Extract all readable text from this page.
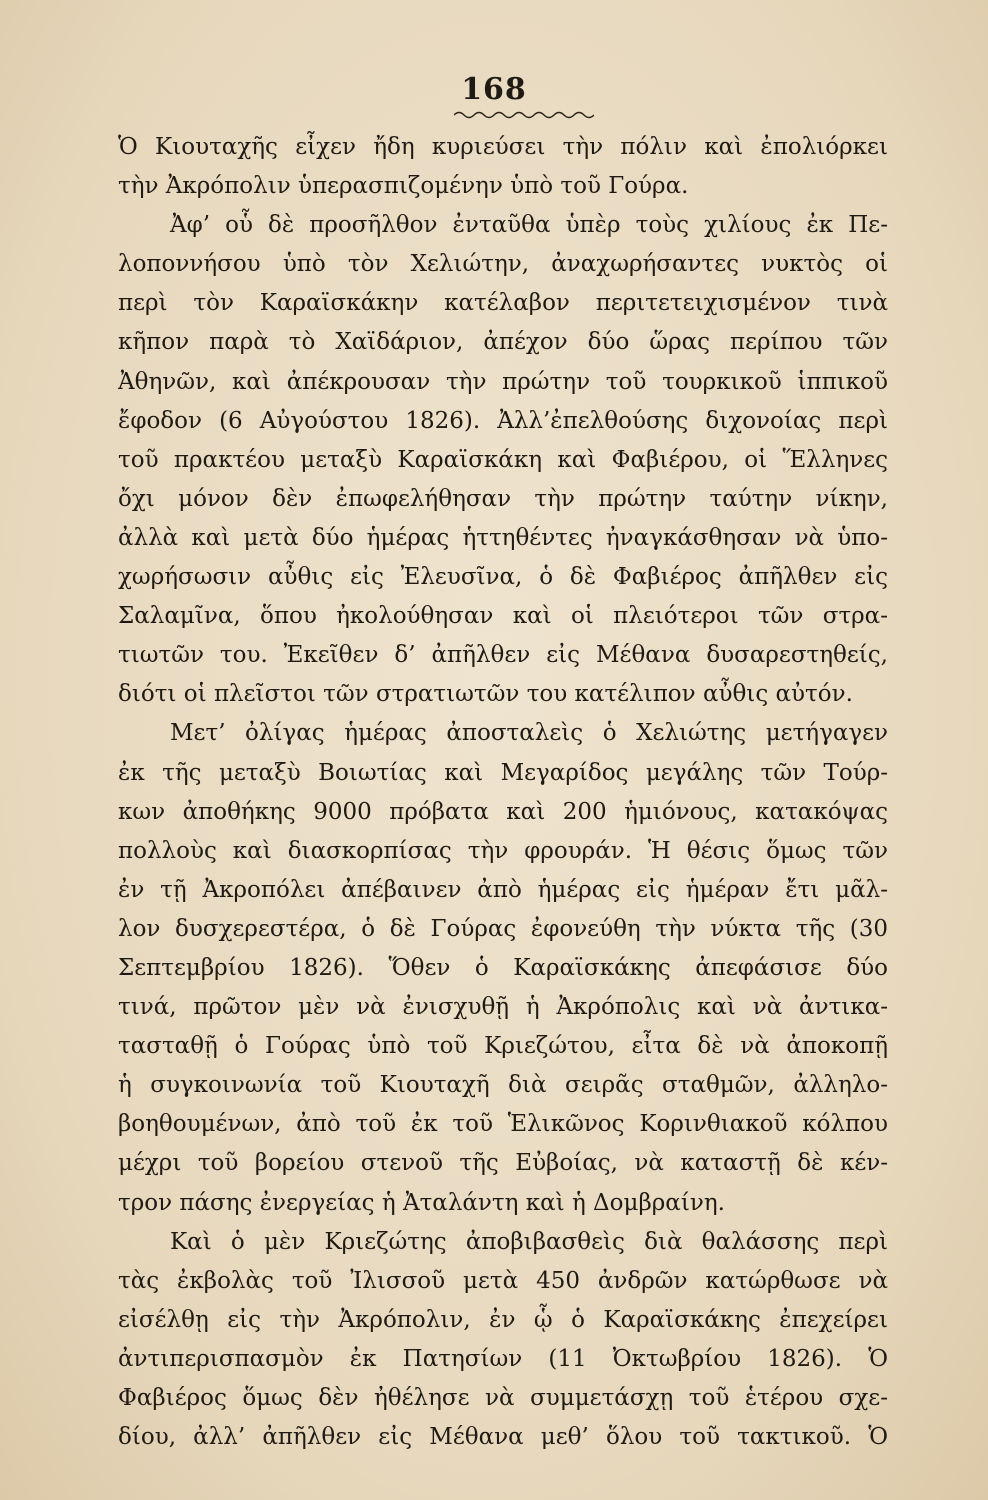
168
Ὁ Κιουταχῆς εἶχεν ἤδη κυριεύσει τὴν πόλιν καὶ ἐπολιόρκει
τὴν Ἀκρόπολιν ὑπερασπιζομένην ὑπὸ τοῦ Γούρα.
Ἀφ’ οὗ δὲ προσῆλθον ἐνταῦθα ὑπὲρ τοὺς χιλίους ἐκ Πε-
λοποννήσου ὑπὸ τὸν Χελιώτην, ἀναχωρήσαντες νυκτὸς οἱ
περὶ τὸν Καραϊσκάκην κατέλαβον περιτετειχισμένον τινὰ
κῆπον παρὰ τὸ Χαϊδάριον, ἀπέχον δύο ὥρας περίπου τῶν
Ἀθηνῶν, καὶ ἀπέκρουσαν τὴν πρώτην τοῦ τουρκικοῦ ἱππικοῦ
ἔφοδον (6 Αὐγούστου 1826). Ἀλλ’ἐπελθούσης διχονοίας περὶ
τοῦ πρακτέου μεταξὺ Καραϊσκάκη καὶ Φαβιέρου, οἱ Ἕλληνες
ὄχι μόνον δὲν ἐπωφελήθησαν τὴν πρώτην ταύτην νίκην,
ἀλλὰ καὶ μετὰ δύο ἡμέρας ἡττηθέντες ἠναγκάσθησαν νὰ ὑπο-
χωρήσωσιν αὖθις εἰς Ἐλευσῖνα, ὁ δὲ Φαβιέρος ἀπῆλθεν εἰς
Σαλαμῖνα, ὅπου ἠκολούθησαν καὶ οἱ πλειότεροι τῶν στρα-
τιωτῶν του. Ἐκεῖθεν δ’ ἀπῆλθεν εἰς Μέθανα δυσαρεστηθείς,
διότι οἱ πλεῖστοι τῶν στρατιωτῶν του κατέλιπον αὖθις αὐτόν.
Μετ’ ὀλίγας ἡμέρας ἀποσταλεὶς ὁ Χελιώτης μετήγαγεν
ἐκ τῆς μεταξὺ Βοιωτίας καὶ Μεγαρίδος μεγάλης τῶν Τούρ-
κων ἀποθήκης 9000 πρόβατα καὶ 200 ἡμιόνους, κατακόψας
πολλοὺς καὶ διασκορπίσας τὴν φρουράν. Ἡ θέσις ὅμως τῶν
ἐν τῇ Ἀκροπόλει ἀπέβαινεν ἀπὸ ἡμέρας εἰς ἡμέραν ἔτι μᾶλ-
λον δυσχερεστέρα, ὁ δὲ Γούρας ἐφονεύθη τὴν νύκτα τῆς (30
Σεπτεμβρίου 1826). Ὅθεν ὁ Καραϊσκάκης ἀπεφάσισε δύο
τινά, πρῶτον μὲν νὰ ἐνισχυθῇ ἡ Ἀκρόπολις καὶ νὰ ἀντικα-
τασταθῇ ὁ Γούρας ὑπὸ τοῦ Κριεζώτου, εἶτα δὲ νὰ ἀποκοπῇ
ἡ συγκοινωνία τοῦ Κιουταχῆ διὰ σειρᾶς σταθμῶν, ἀλληλο-
βοηθουμένων, ἀπὸ τοῦ ἐκ τοῦ Ἑλικῶνος Κορινθιακοῦ κόλπου
μέχρι τοῦ βορείου στενοῦ τῆς Εὐβοίας, νὰ καταστῇ δὲ κέν-
τρον πάσης ἐνεργείας ἡ Ἀταλάντη καὶ ἡ Δομβραίνη.
Καὶ ὁ μὲν Κριεζώτης ἀποβιβασθεὶς διὰ θαλάσσης περὶ
τὰς ἐκβολὰς τοῦ Ἰλισσοῦ μετὰ 450 ἀνδρῶν κατώρθωσε νὰ
εἰσέλθῃ εἰς τὴν Ἀκρόπολιν, ἐν ᾧ ὁ Καραϊσκάκης ἐπεχείρει
ἀντιπερισπασμὸν ἐκ Πατησίων (11 Ὀκτωβρίου 1826). Ὁ
Φαβιέρος ὅμως δὲν ἠθέλησε νὰ συμμετάσχῃ τοῦ ἑτέρου σχε-
δίου, ἀλλ’ ἀπῆλθεν εἰς Μέθανα μεθ’ ὅλου τοῦ τακτικοῦ. Ὁ
